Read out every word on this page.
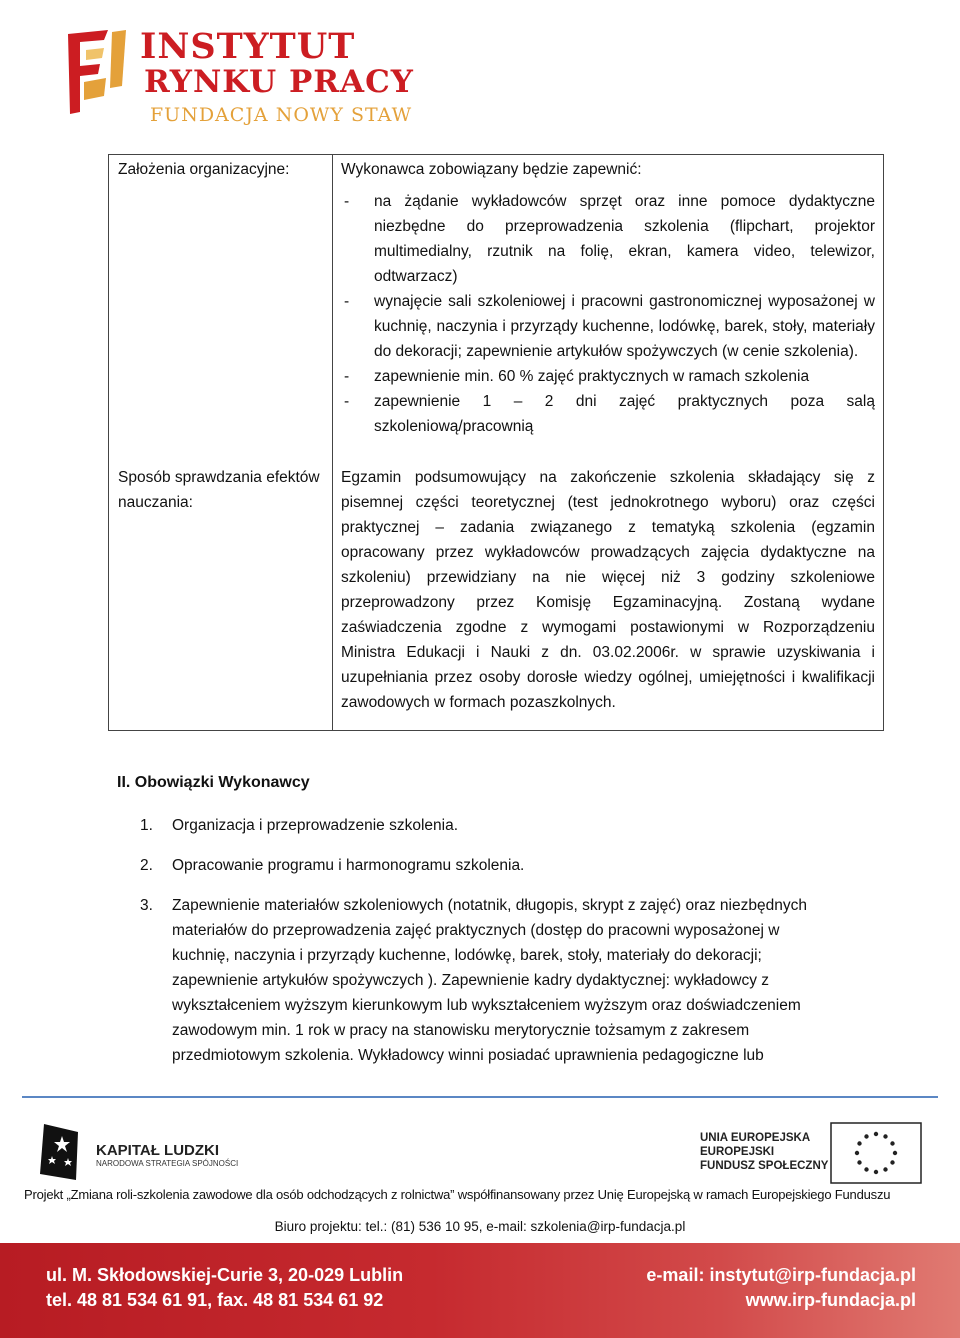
INSTYTUT
RYNKU PRACY
FUNDACJA NOWY STAW
Założenia organizacyjne:	Wykonawca zobowiązany będzie zapewnić:
- na żądanie wykładowców sprzęt oraz inne pomoce dydaktyczne niezbędne do przeprowadzenia szkolenia (flipchart, projektor multimedialny, rzutnik na folię, ekran, kamera video, telewizor, odtwarzacz)
- wynajęcie sali szkoleniowej i pracowni gastronomicznej wyposażonej w kuchnię, naczynia i przyrządy kuchenne, lodówkę, barek, stoły, materiały do dekoracji; zapewnienie artykułów spożywczych (w cenie szkolenia).
- zapewnienie min. 60 % zajęć praktycznych w ramach szkolenia
- zapewnienie 1 – 2 dni zajęć praktycznych poza salą szkoleniową/pracownią
Sposób sprawdzania efektów nauczania:
Egzamin podsumowujący na zakończenie szkolenia składający się z pisemnej części teoretycznej (test jednokrotnego wyboru) oraz części praktycznej – zadania związanego z tematyką szkolenia (egzamin opracowany przez wykładowców prowadzących zajęcia dydaktyczne na szkoleniu) przewidziany na nie więcej niż 3 godziny szkoleniowe przeprowadzony przez Komisję Egzaminacyjną. Zostaną wydane zaświadczenia zgodne z wymogami postawionymi w Rozporządzeniu Ministra Edukacji i Nauki z dn. 03.02.2006r. w sprawie uzyskiwania i uzupełniania przez osoby dorosłe wiedzy ogólnej, umiejętności i kwalifikacji zawodowych w formach pozaszkolnych.
II. Obowiązki Wykonawcy
1. Organizacja i przeprowadzenie szkolenia.
2. Opracowanie programu i harmonogramu szkolenia.
3. Zapewnienie materiałów szkoleniowych (notatnik, długopis, skrypt z zajęć) oraz niezbędnych materiałów do przeprowadzenia zajęć praktycznych (dostęp do pracowni wyposażonej w kuchnię, naczynia i przyrządy kuchenne, lodówkę, barek, stoły, materiały do dekoracji; zapewnienie artykułów spożywczych ). Zapewnienie kadry dydaktycznej: wykładowcy z wykształceniem wyższym kierunkowym lub wykształceniem wyższym oraz doświadczeniem zawodowym min. 1 rok w pracy na stanowisku merytorycznie tożsamym z zakresem przedmiotowym szkolenia. Wykładowcy winni posiadać uprawnienia pedagogiczne lub
KAPITAŁ LUDZKI
NARODOWA STRATEGIA SPÓJNOŚCI
UNIA EUROPEJSKA
EUROPEJSKI
FUNDUSZ SPOŁECZNY
Projekt „Zmiana roli-szkolenia zawodowe dla osób odchodzących z rolnictwa” współfinansowany przez Unię Europejską w ramach Europejskiego Funduszu
Biuro projektu: tel.: (81) 536 10 95, e-mail: szkolenia@irp-fundacja.pl
ul. M. Skłodowskiej-Curie 3, 20-029 Lublin
tel. 48 81 534 61 91, fax. 48 81 534 61 92
e-mail: instytut@irp-fundacja.pl
www.irp-fundacja.pl
